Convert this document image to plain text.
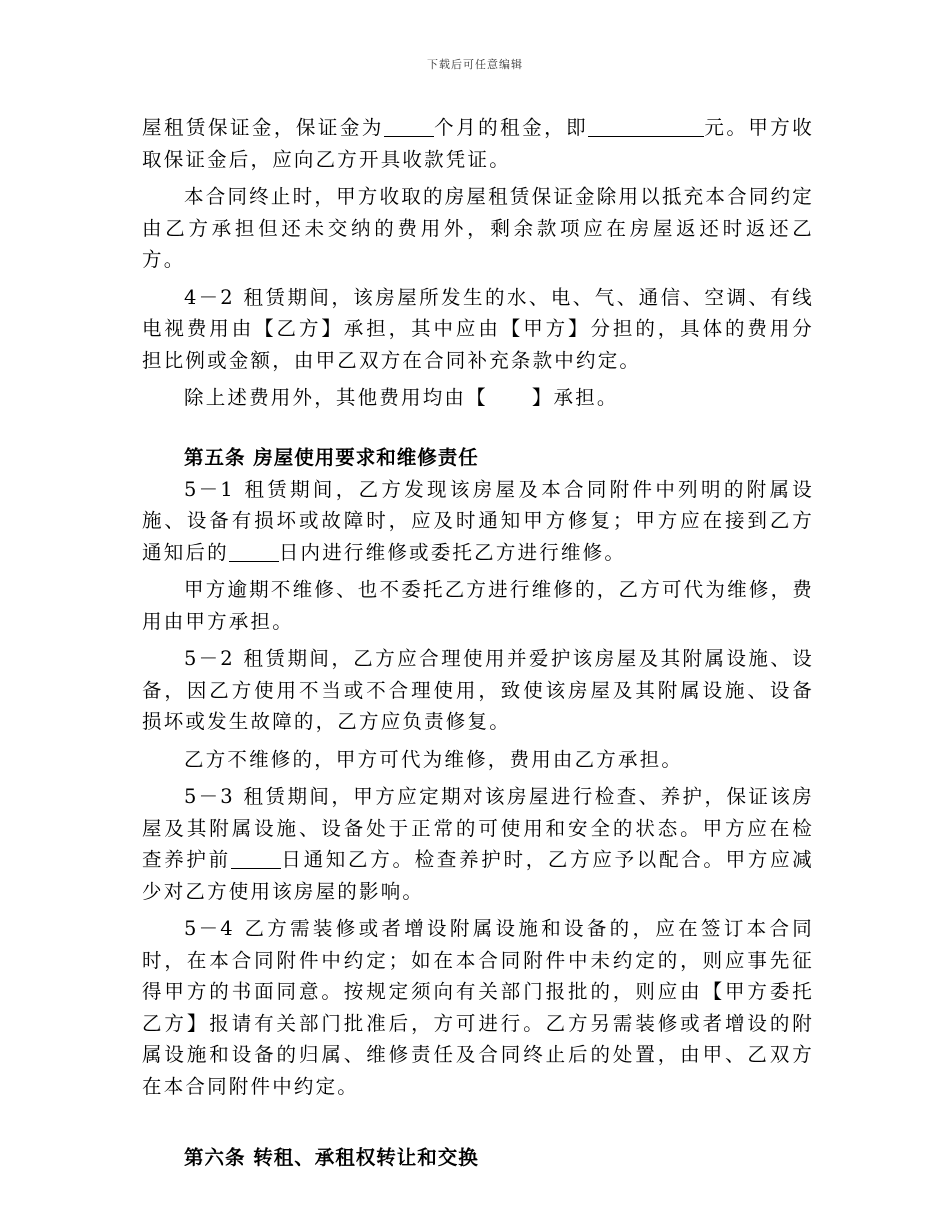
下载后可任意编辑

屋租赁保证金，保证金为	个月的租金，即	元。甲方收取保证金后，应向乙方开具收款凭证。

本合同终止时，甲方收取的房屋租赁保证金除用以抵充本合同约定由乙方承担但还未交纳的费用外，剩余款项应在房屋返还时返还乙方。

4－2 租赁期间，该房屋所发生的水、电、气、通信、空调、有线电视费用由【乙方】承担，其中应由【甲方】分担的，具体的费用分担比例或金额，由甲乙双方在合同补充条款中约定。

除上述费用外，其他费用均由【 】承担。

第五条 房屋使用要求和维修责任

5－1 租赁期间，乙方发现该房屋及本合同附件中列明的附属设施、设备有损坏或故障时，应及时通知甲方修复；甲方应在接到乙方通知后的	日内进行维修或委托乙方进行维修。

甲方逾期不维修、也不委托乙方进行维修的，乙方可代为维修，费用由甲方承担。

5－2 租赁期间，乙方应合理使用并爱护该房屋及其附属设施、设备，因乙方使用不当或不合理使用，致使该房屋及其附属设施、设备损坏或发生故障的，乙方应负责修复。

乙方不维修的，甲方可代为维修，费用由乙方承担。

5－3 租赁期间，甲方应定期对该房屋进行检查、养护，保证该房屋及其附属设施、设备处于正常的可使用和安全的状态。甲方应在检查养护前	日通知乙方。检查养护时，乙方应予以配合。甲方应减少对乙方使用该房屋的影响。

5－4 乙方需装修或者增设附属设施和设备的，应在签订本合同时，在本合同附件中约定；如在本合同附件中未约定的，则应事先征得甲方的书面同意。按规定须向有关部门报批的，则应由【甲方委托乙方】报请有关部门批准后，方可进行。乙方另需装修或者增设的附属设施和设备的归属、维修责任及合同终止后的处置，由甲、乙双方在本合同附件中约定。

第六条 转租、承租权转让和交换
